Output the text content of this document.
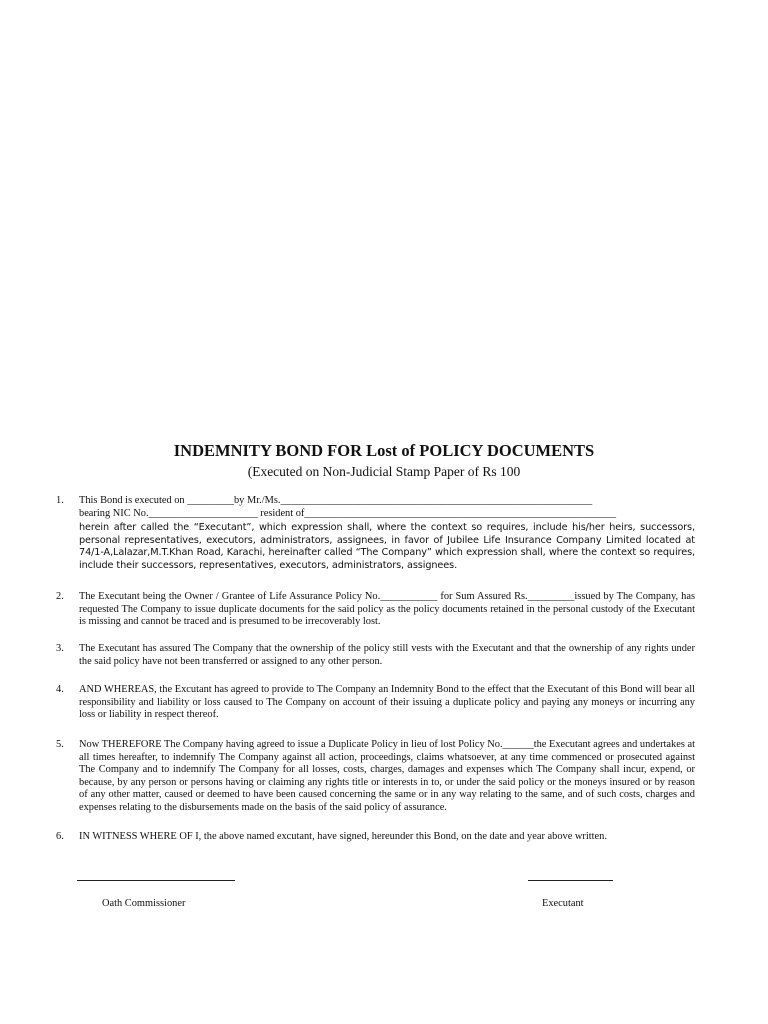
INDEMNITY BOND FOR Lost of POLICY DOCUMENTS
(Executed on Non-Judicial Stamp Paper of Rs 100
1.	This Bond is executed on _________by Mr./Ms.____________________________________________________________

bearing NIC No._____________________ resident of____________________________________________________________

herein after called the “Executant”, which expression shall, where the context so requires, include his/her heirs, successors, personal representatives, executors, administrators, assignees, in favor of Jubilee Life Insurance Company Limited located at 74/1-A,Lalazar,M.T.Khan Road, Karachi, hereinafter called “The Company” which expression shall, where the context so requires, include their successors, representatives, executors, administrators, assignees.

2.	The Executant being the Owner / Grantee of Life Assurance Policy No.___________ for Sum Assured Rs._________issued by The Company, has requested The Company to issue duplicate documents for the said policy as the policy documents retained in the personal custody of the Executant is missing and cannot be traced and is presumed to be irrecoverably lost.
3.	The Executant has assured The Company that the ownership of the policy still vests with the Executant and that the ownership of any rights under the said policy have not been transferred or assigned to any other person.
4.	AND WHEREAS, the Excutant has agreed to provide to The Company an Indemnity Bond to the effect that the Executant of this Bond will bear all responsibility and liability or loss caused to The Company on account of their issuing a duplicate policy and paying any moneys or incurring any loss or liability in respect thereof.
5.	Now THEREFORE The Company having agreed to issue a Duplicate Policy in lieu of lost Policy No.______the Executant agrees and undertakes at all times hereafter, to indemnify The Company against all action, proceedings, claims whatsoever, at any time commenced or prosecuted against The Company and to indemnify The Company for all losses, costs, charges, damages and expenses which The Company shall incur, expend, or because, by any person or persons having or claiming any rights title or interests in to, or under the said policy or the moneys insured or by reason of any other matter, caused or deemed to have been caused concerning the same or in any way relating to the same, and of such costs, charges and expenses relating to the disbursements made on the basis of the said policy of assurance.
6.	IN WITNESS WHERE OF I, the above named excutant, have signed, hereunder this Bond, on the date and year above written.
Oath Commissioner	Executant
